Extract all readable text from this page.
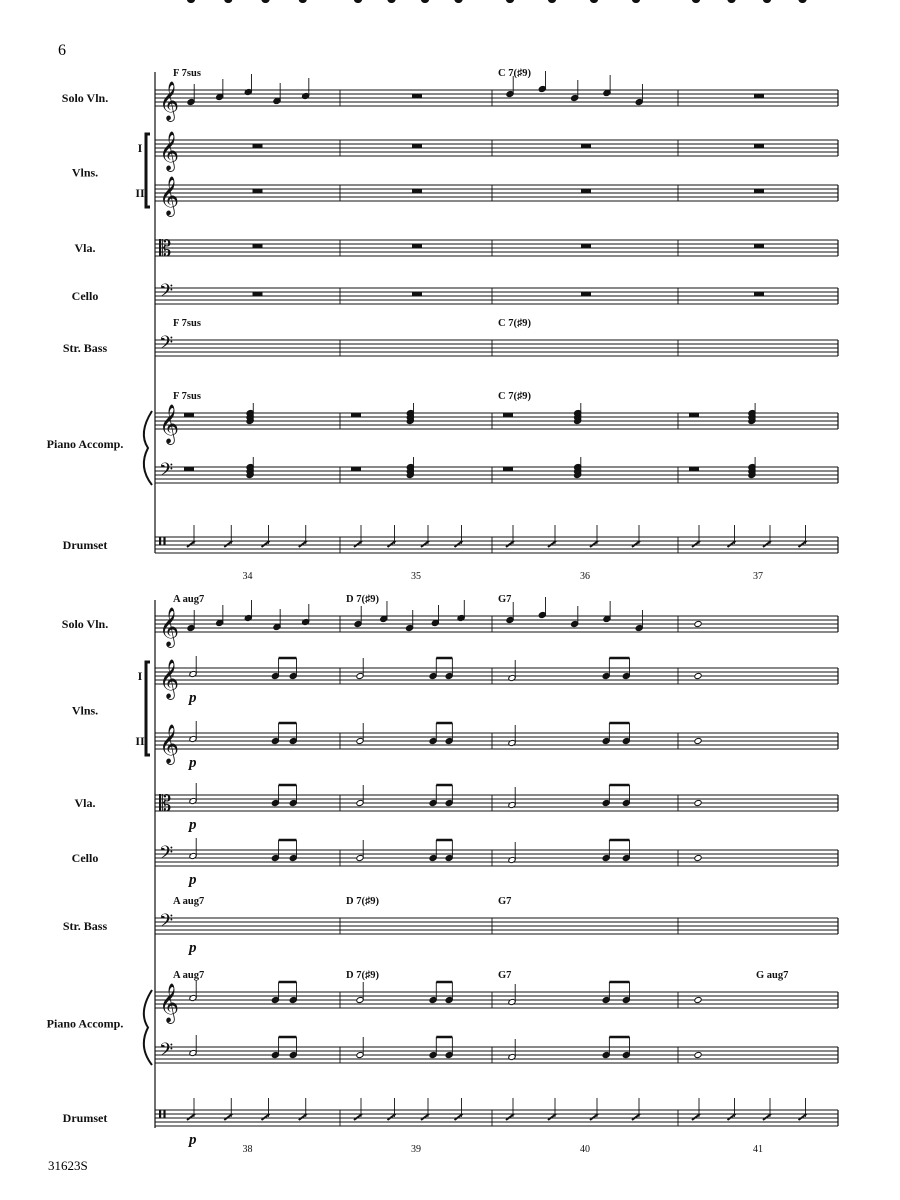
6
𝄞
Solo Vln.
𝄞
I
𝄞
II
𝄡
Vla.
𝄢
Cello
𝄢
Str. Bass
𝄞
𝄢
𝄥
Drumset
F 7sus	C 7(♯9)
F 7sus	C 7(♯9)
F 7sus	C 7(♯9)
Vlns.
Piano Accomp.
34	35	36	37
𝄞
Solo Vln.
𝄞
I
𝄞
II
𝄡
Vla.
𝄢
Cello
𝄢
Str. Bass
𝄞
𝄢
𝄥
Drumset
A aug7	D 7(♯9)	G7
A aug7	D 7(♯9)	G7
A aug7	D 7(♯9)	G7	G aug7
p
p
p
p
p
p
Vlns.
Piano Accomp.
38	39	40	41
31623S
